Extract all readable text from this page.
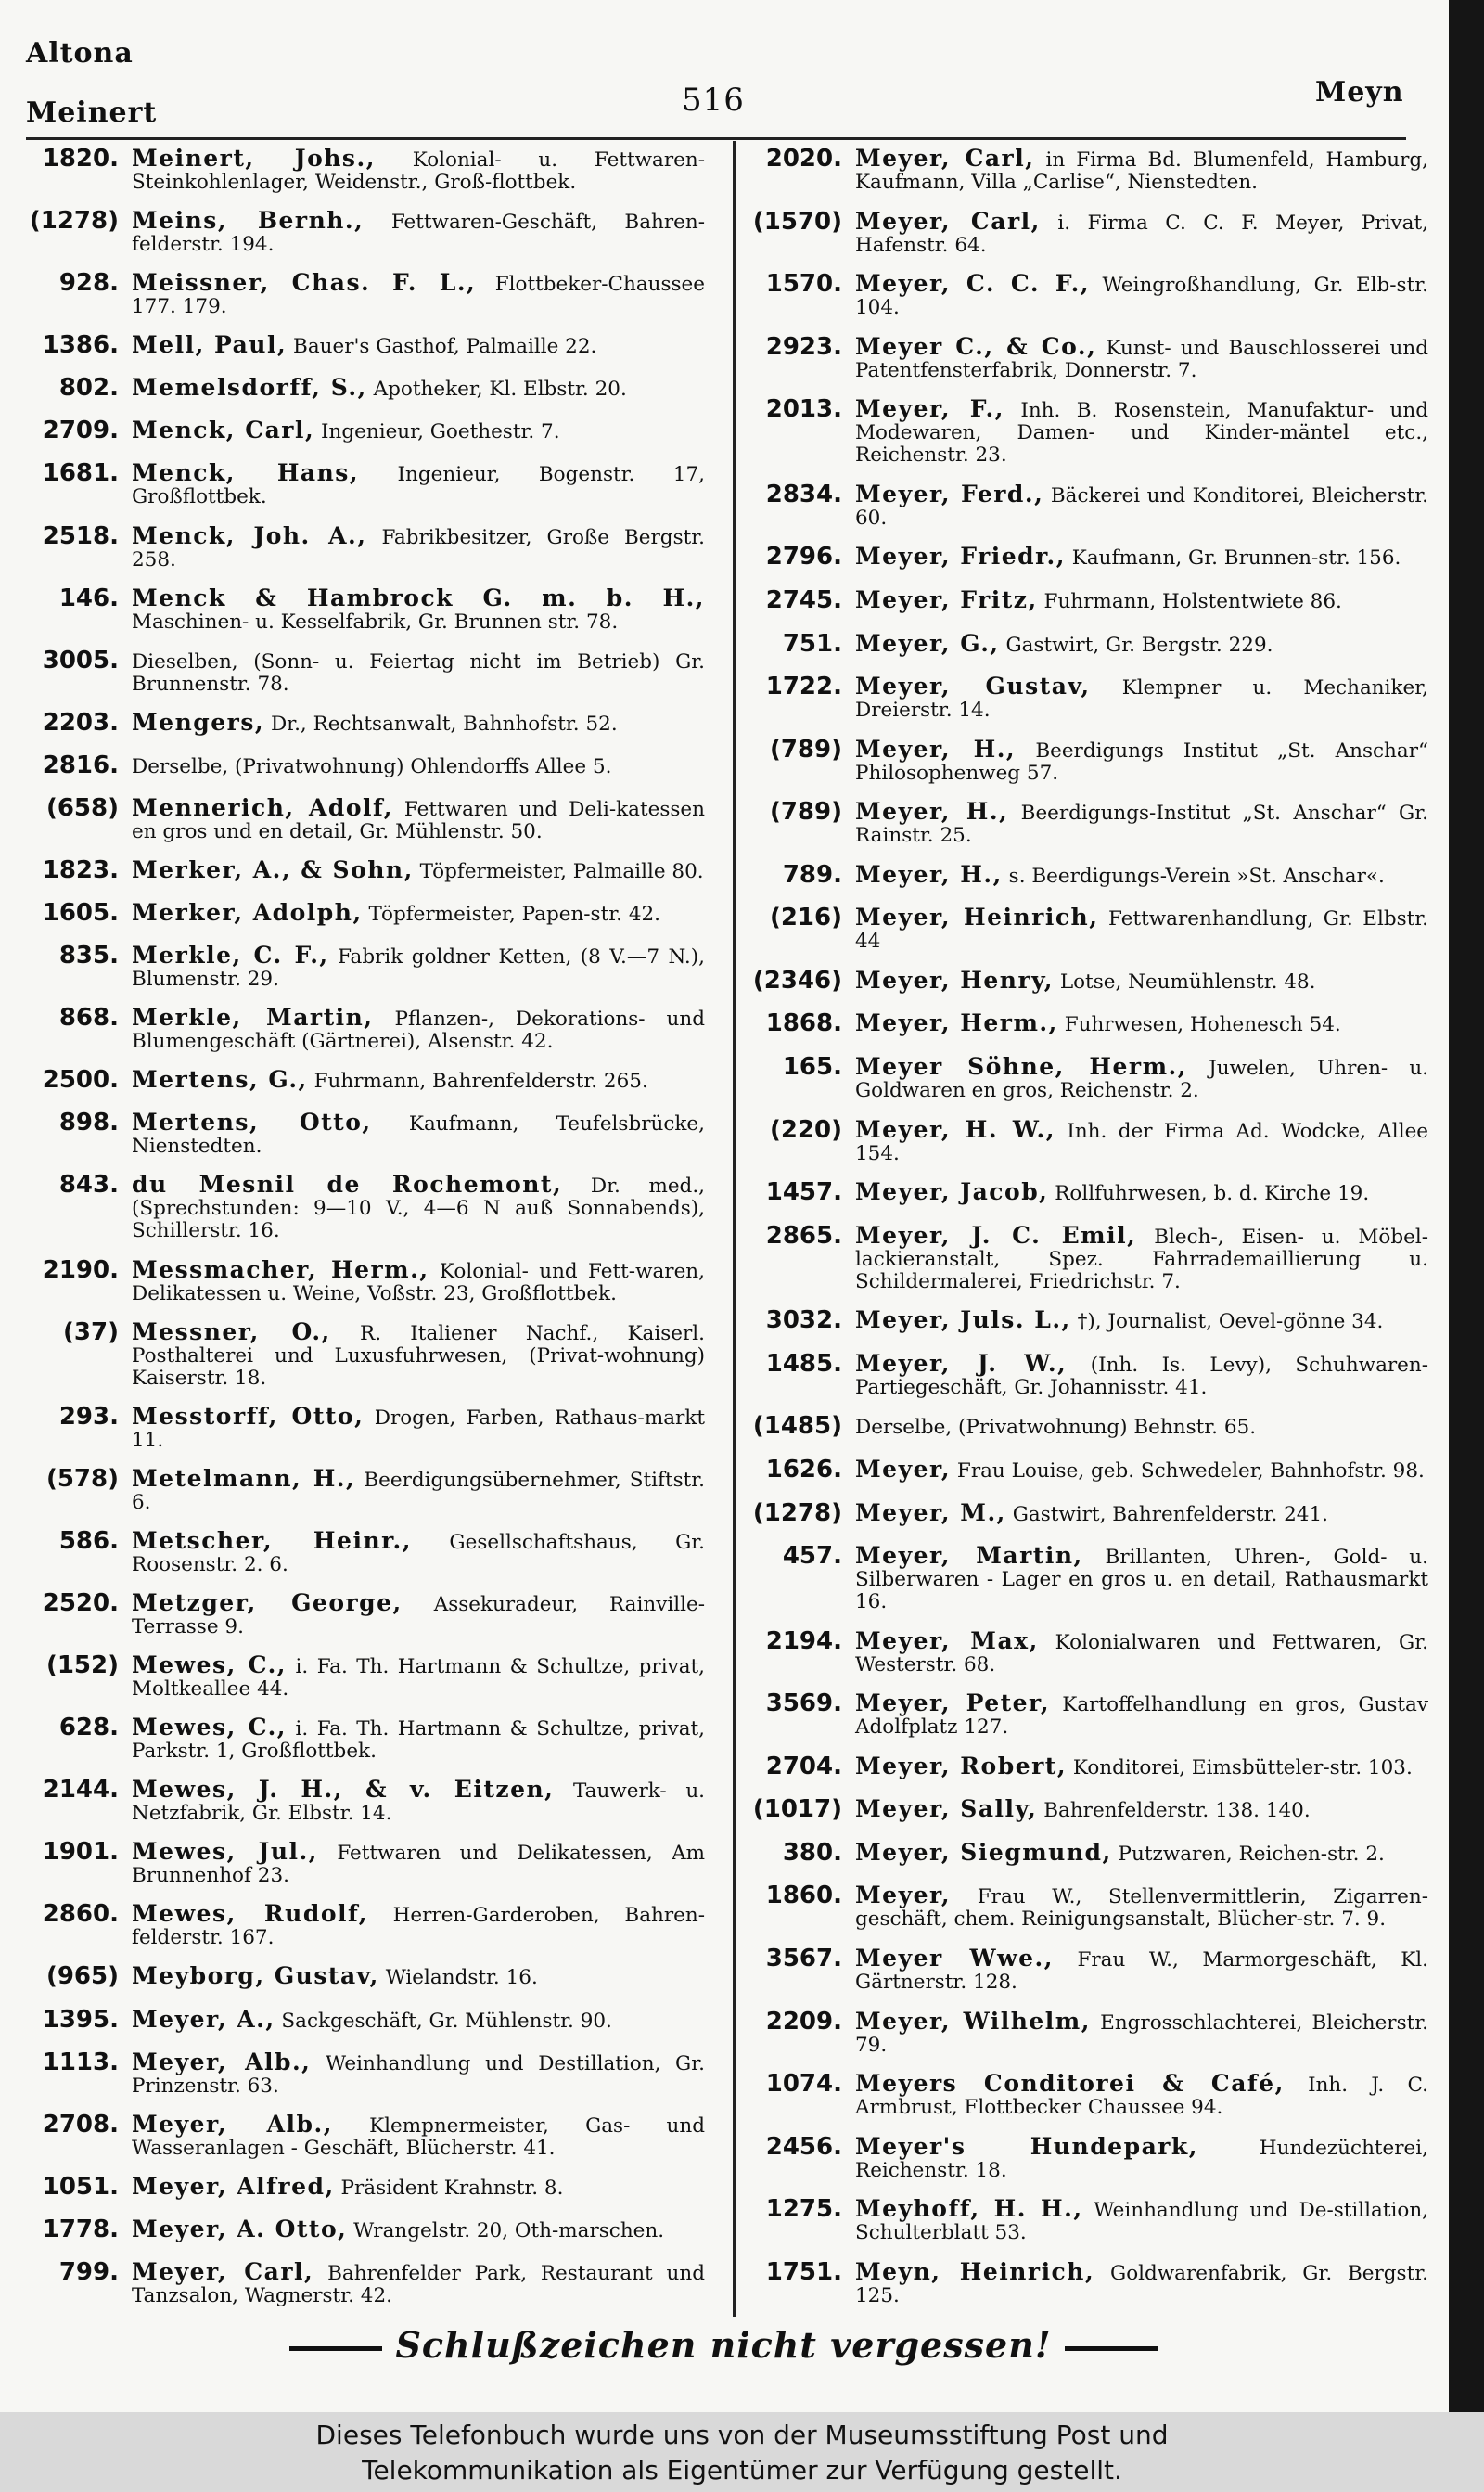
Altona
Meinert	516	Meyn
1820. Meinert, Johs., Kolonial- u. Fettwaren-Steinkohlenlager, Weidenstr., Groß-flottbek.
(1278) Meins, Bernh., Fettwaren-Geschäft, Bahren-felderstr. 194.
928. Meissner, Chas. F. L., Flottbeker-Chaussee 177. 179.
1386. Mell, Paul, Bauer's Gasthof, Palmaille 22.
802. Memelsdorff, S., Apotheker, Kl. Elbstr. 20.
2709. Menck, Carl, Ingenieur, Goethestr. 7.
1681. Menck, Hans, Ingenieur, Bogenstr. 17, Großflottbek.
2518. Menck, Joh. A., Fabrikbesitzer, Große Bergstr. 258.
146. Menck & Hambrock G. m. b. H., Maschinen- u. Kesselfabrik, Gr. Brunnen str. 78.
3005. Dieselben, (Sonn- u. Feiertag nicht im Betrieb) Gr. Brunnenstr. 78.
2203. Mengers, Dr., Rechtsanwalt, Bahnhofstr. 52.
2816. Derselbe, (Privatwohnung) Ohlendorffs Allee 5.
(658) Mennerich, Adolf, Fettwaren und Deli-katessen en gros und en detail, Gr. Mühlenstr. 50.
1823. Merker, A., & Sohn, Töpfermeister, Palmaille 80.
1605. Merker, Adolph, Töpfermeister, Papen-str. 42.
835. Merkle, C. F., Fabrik goldner Ketten, (8 V.—7 N.), Blumenstr. 29.
868. Merkle, Martin, Pflanzen-, Dekorations- und Blumengeschäft (Gärtnerei), Alsenstr. 42.
2500. Mertens, G., Fuhrmann, Bahrenfelderstr. 265.
898. Mertens, Otto, Kaufmann, Teufelsbrücke, Nienstedten.
843. du Mesnil de Rochemont, Dr. med., (Sprechstunden: 9—10 V., 4—6 N auß Sonnabends), Schillerstr. 16.
2190. Messmacher, Herm., Kolonial- und Fett-waren, Delikatessen u. Weine, Voßstr. 23, Großflottbek.
(37) Messner, O., R. Italiener Nachf., Kaiserl. Posthalterei und Luxusfuhrwesen, (Privat-wohnung) Kaiserstr. 18.
293. Messtorff, Otto, Drogen, Farben, Rathaus-markt 11.
(578) Metelmann, H., Beerdigungsübernehmer, Stiftstr. 6.
586. Metscher, Heinr., Gesellschaftshaus, Gr. Roosenstr. 2. 6.
2520. Metzger, George, Assekuradeur, Rainville-Terrasse 9.
(152) Mewes, C., i. Fa. Th. Hartmann & Schultze, privat, Moltkeallee 44.
628. Mewes, C., i. Fa. Th. Hartmann & Schultze, privat, Parkstr. 1, Großflottbek.
2144. Mewes, J. H., & v. Eitzen, Tauwerk- u. Netzfabrik, Gr. Elbstr. 14.
1901. Mewes, Jul., Fettwaren und Delikatessen, Am Brunnenhof 23.
2860. Mewes, Rudolf, Herren-Garderoben, Bahren-felderstr. 167.
(965) Meyborg, Gustav, Wielandstr. 16.
1395. Meyer, A., Sackgeschäft, Gr. Mühlenstr. 90.
1113. Meyer, Alb., Weinhandlung und Destillation, Gr. Prinzenstr. 63.
2708. Meyer, Alb., Klempnermeister, Gas- und Wasseranlagen - Geschäft, Blücherstr. 41.
1051. Meyer, Alfred, Präsident Krahnstr. 8.
1778. Meyer, A. Otto, Wrangelstr. 20, Oth-marschen.
799. Meyer, Carl, Bahrenfelder Park, Restaurant und Tanzsalon, Wagnerstr. 42.
2020. Meyer, Carl, in Firma Bd. Blumenfeld, Hamburg, Kaufmann, Villa „Carlise“, Nienstedten.
(1570) Meyer, Carl, i. Firma C. C. F. Meyer, Privat, Hafenstr. 64.
1570. Meyer, C. C. F., Weingroßhandlung, Gr. Elb-str. 104.
2923. Meyer C., & Co., Kunst- und Bauschlosserei und Patentfensterfabrik, Donnerstr. 7.
2013. Meyer, F., Inh. B. Rosenstein, Manufaktur- und Modewaren, Damen- und Kinder-mäntel etc., Reichenstr. 23.
2834. Meyer, Ferd., Bäckerei und Konditorei, Bleicherstr. 60.
2796. Meyer, Friedr., Kaufmann, Gr. Brunnen-str. 156.
2745. Meyer, Fritz, Fuhrmann, Holstentwiete 86.
751. Meyer, G., Gastwirt, Gr. Bergstr. 229.
1722. Meyer, Gustav, Klempner u. Mechaniker, Dreierstr. 14.
(789) Meyer, H., Beerdigungs Institut „St. Anschar“ Philosophenweg 57.
(789) Meyer, H., Beerdigungs-Institut „St. Anschar“ Gr. Rainstr. 25.
789. Meyer, H., s. Beerdigungs-Verein »St. Anschar«.
(216) Meyer, Heinrich, Fettwarenhandlung, Gr. Elbstr. 44
(2346) Meyer, Henry, Lotse, Neumühlenstr. 48.
1868. Meyer, Herm., Fuhrwesen, Hohenesch 54.
165. Meyer Söhne, Herm., Juwelen, Uhren- u. Goldwaren en gros, Reichenstr. 2.
(220) Meyer, H. W., Inh. der Firma Ad. Wodcke, Allee 154.
1457. Meyer, Jacob, Rollfuhrwesen, b. d. Kirche 19.
2865. Meyer, J. C. Emil, Blech-, Eisen- u. Möbel-lackieranstalt, Spez. Fahrrademaillierung u. Schildermalerei, Friedrichstr. 7.
3032. Meyer, Juls. L., †), Journalist, Oevel-gönne 34.
1485. Meyer, J. W., (Inh. Is. Levy), Schuhwaren-Partiegeschäft, Gr. Johannisstr. 41.
(1485) Derselbe, (Privatwohnung) Behnstr. 65.
1626. Meyer, Frau Louise, geb. Schwedeler, Bahnhofstr. 98.
(1278) Meyer, M., Gastwirt, Bahrenfelderstr. 241.
457. Meyer, Martin, Brillanten, Uhren-, Gold- u. Silberwaren - Lager en gros u. en detail, Rathausmarkt 16.
2194. Meyer, Max, Kolonialwaren und Fettwaren, Gr. Westerstr. 68.
3569. Meyer, Peter, Kartoffelhandlung en gros, Gustav Adolfplatz 127.
2704. Meyer, Robert, Konditorei, Eimsbütteler-str. 103.
(1017) Meyer, Sally, Bahrenfelderstr. 138. 140.
380. Meyer, Siegmund, Putzwaren, Reichen-str. 2.
1860. Meyer, Frau W., Stellenvermittlerin, Zigarren-geschäft, chem. Reinigungsanstalt, Blücher-str. 7. 9.
3567. Meyer Wwe., Frau W., Marmorgeschäft, Kl. Gärtnerstr. 128.
2209. Meyer, Wilhelm, Engrosschlachterei, Bleicherstr. 79.
1074. Meyers Conditorei & Café, Inh. J. C. Armbrust, Flottbecker Chaussee 94.
2456. Meyer's Hundepark,	Hundezüchterei, Reichenstr. 18.
1275. Meyhoff, H. H., Weinhandlung und De-stillation, Schulterblatt 53.
1751. Meyn, Heinrich, Goldwarenfabrik, Gr. Bergstr. 125.
Schlußzeichen nicht vergessen!
Dieses Telefonbuch wurde uns von der Museumsstiftung Post und
Telekommunikation als Eigentümer zur Verfügung gestellt.
